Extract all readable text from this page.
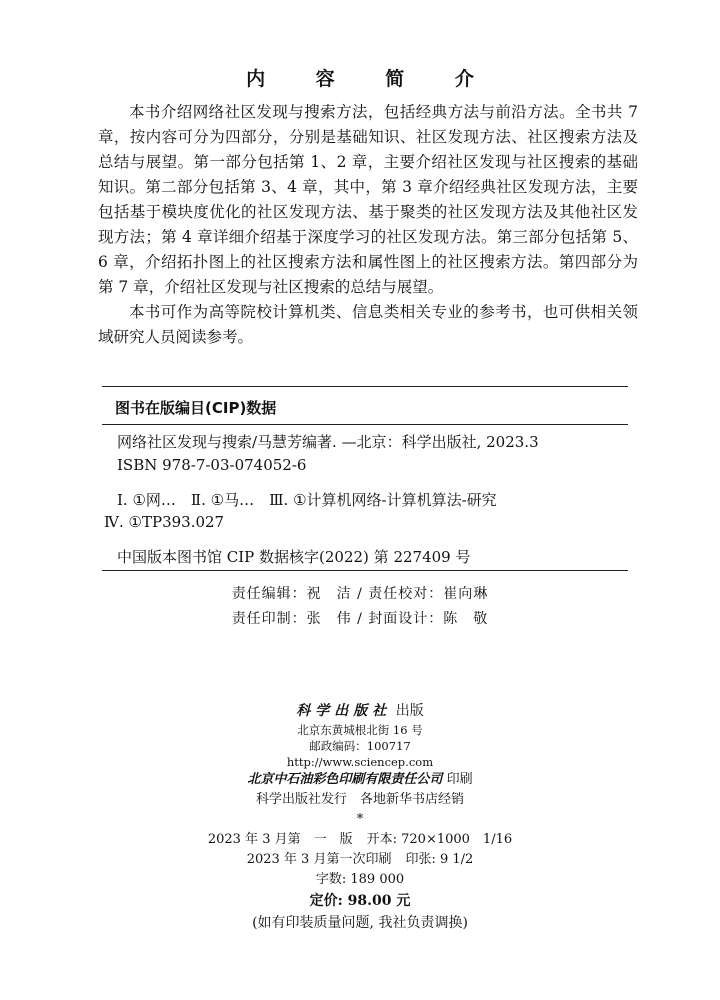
内 容 简 介

本书介绍网络社区发现与搜索方法，包括经典方法与前沿方法。全书共 7 章，按内容可分为四部分，分别是基础知识、社区发现方法、社区搜索方法及总结与展望。第一部分包括第 1、2 章，主要介绍社区发现与社区搜索的基础知识。第二部分包括第 3、4 章，其中，第 3 章介绍经典社区发现方法，主要包括基于模块度优化的社区发现方法、基于聚类的社区发现方法及其他社区发现方法；第 4 章详细介绍基于深度学习的社区发现方法。第三部分包括第 5、6 章，介绍拓扑图上的社区搜索方法和属性图上的社区搜索方法。第四部分为第 7 章，介绍社区发现与社区搜索的总结与展望。

本书可作为高等院校计算机类、信息类相关专业的参考书，也可供相关领域研究人员阅读参考。

图书在版编目(CIP)数据
网络社区发现与搜索/马慧芳编著. —北京：科学出版社, 2023.3
ISBN 978-7-03-074052-6
Ⅰ. ①网…　Ⅱ. ①马…　Ⅲ. ①计算机网络-计算机算法-研究
Ⅳ. ①TP393.027
中国版本图书馆 CIP 数据核字(2022) 第 227409 号
责任编辑：祝　洁 / 责任校对：崔向琳
责任印制：张　伟 / 封面设计：陈　敬
科学出版社 出版
北京东黄城根北街 16 号
邮政编码：100717
http://www.sciencep.com
北京中石油彩色印刷有限责任公司 印刷
科学出版社发行　各地新华书店经销
*
2023 年 3 月第　一　版 开本: 720×1000　1/16
2023 年 3 月第一次印刷 印张: 9 1/2
字数: 189 000
定价: 98.00 元
(如有印装质量问题, 我社负责调换)
